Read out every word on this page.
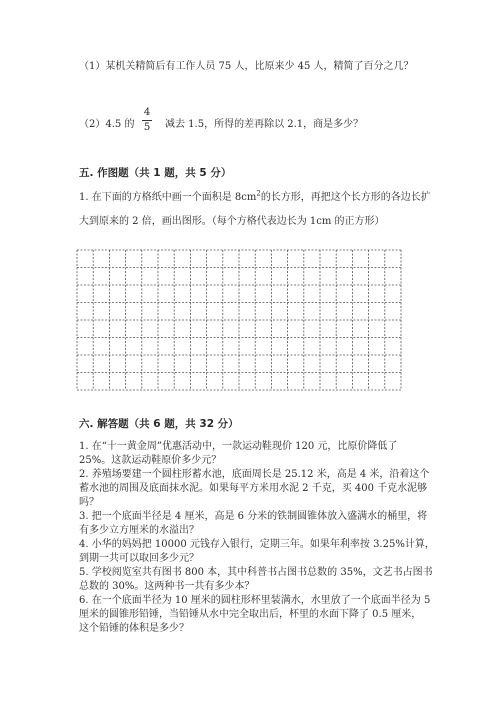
（1）某机关精简后有工作人员 75 人，比原来少 45 人，精简了百分之几？
（2）4.5 的
4
5	减去 1.5，所得的差再除以 2.1，商是多少？
五. 作图题（共 1 题，共 5 分）
1. 在下面的方格纸中画一个面积是 $8cm^2$的长方形，再把这个长方形的各边长扩
大到原来的 2 倍，画出图形。（每个方格代表边长为 1cm 的正方形）
六. 解答题（共 6 题，共 32 分）
1. 在“十一黄金周”优惠活动中，一款运动鞋现价 120 元，比原价降低了
25%。这款运动鞋原价多少元？
2. 养殖场要建一个圆柱形蓄水池，底面周长是 25.12 米，高是 4 米，沿着这个
蓄水池的周围及底面抹水泥。如果每平方米用水泥 2 千克，买 400 千克水泥够
吗？
3. 把一个底面半径是 4 厘米，高是 6 分米的铁制圆锥体放入盛满水的桶里，将
有多少立方厘米的水溢出？
4. 小华的妈妈把 10000 元钱存入银行，定期三年。如果年利率按 3.25%计算，
到期一共可以取回多少元？
5. 学校阅览室共有图书 800 本，其中科普书占图书总数的 35%，文艺书占图书
总数的 30%。这两种书一共有多少本？
6. 在一个底面半径为 10 厘米的圆柱形杯里装满水，水里放了一个底面半径为 5
厘米的圆锥形铅锤，当铅锤从水中完全取出后，杯里的水面下降了 0.5 厘米，
这个铅锤的体积是多少？
